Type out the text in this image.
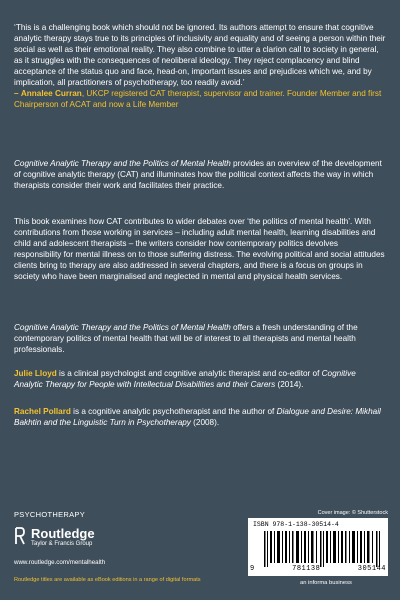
‘This is a challenging book which should not be ignored. Its authors attempt to ensure that cognitive analytic therapy stays true to its principles of inclusivity and equality and of seeing a person within their social as well as their emotional reality. They also combine to utter a clarion call to society in general, as it struggles with the consequences of neoliberal ideology. They reject complacency and blind acceptance of the status quo and face, head-on, important issues and prejudices which we, and by implication, all practitioners of psychotherapy, too readily avoid.’
– Annalee Curran, UKCP registered CAT therapist, supervisor and trainer. Founder Member and first Chairperson of ACAT and now a Life Member

Cognitive Analytic Therapy and the Politics of Mental Health provides an overview of the development of cognitive analytic therapy (CAT) and illuminates how the political context affects the way in which therapists consider their work and facilitates their practice.

This book examines how CAT contributes to wider debates over ‘the politics of mental health’. With contributions from those working in services – including adult mental health, learning disabilities and child and adolescent therapists – the writers consider how contemporary politics devolves responsibility for mental illness on to those suffering distress. The evolving political and social attitudes clients bring to therapy are also addressed in several chapters, and there is a focus on groups in society who have been marginalised and neglected in mental and physical health services.

Cognitive Analytic Therapy and the Politics of Mental Health offers a fresh understanding of the contemporary politics of mental health that will be of interest to all therapists and mental health professionals.

Julie Lloyd is a clinical psychologist and cognitive analytic therapist and co-editor of Cognitive Analytic Therapy for People with Intellectual Disabilities and their Carers (2014).

Rachel Pollard is a cognitive analytic psychotherapist and the author of Dialogue and Desire: Mikhail Bakhtin and the Linguistic Turn in Psychotherapy (2008).

PSYCHOTHERAPY	Cover image: © Shutterstock
Routledge
Taylor & Francis Group
www.routledge.com/mentalhealth
Routledge titles are available as eBook editions in a range of digital formats
ISBN 978-1-138-30514-4
9	781138	305144
an informa business
